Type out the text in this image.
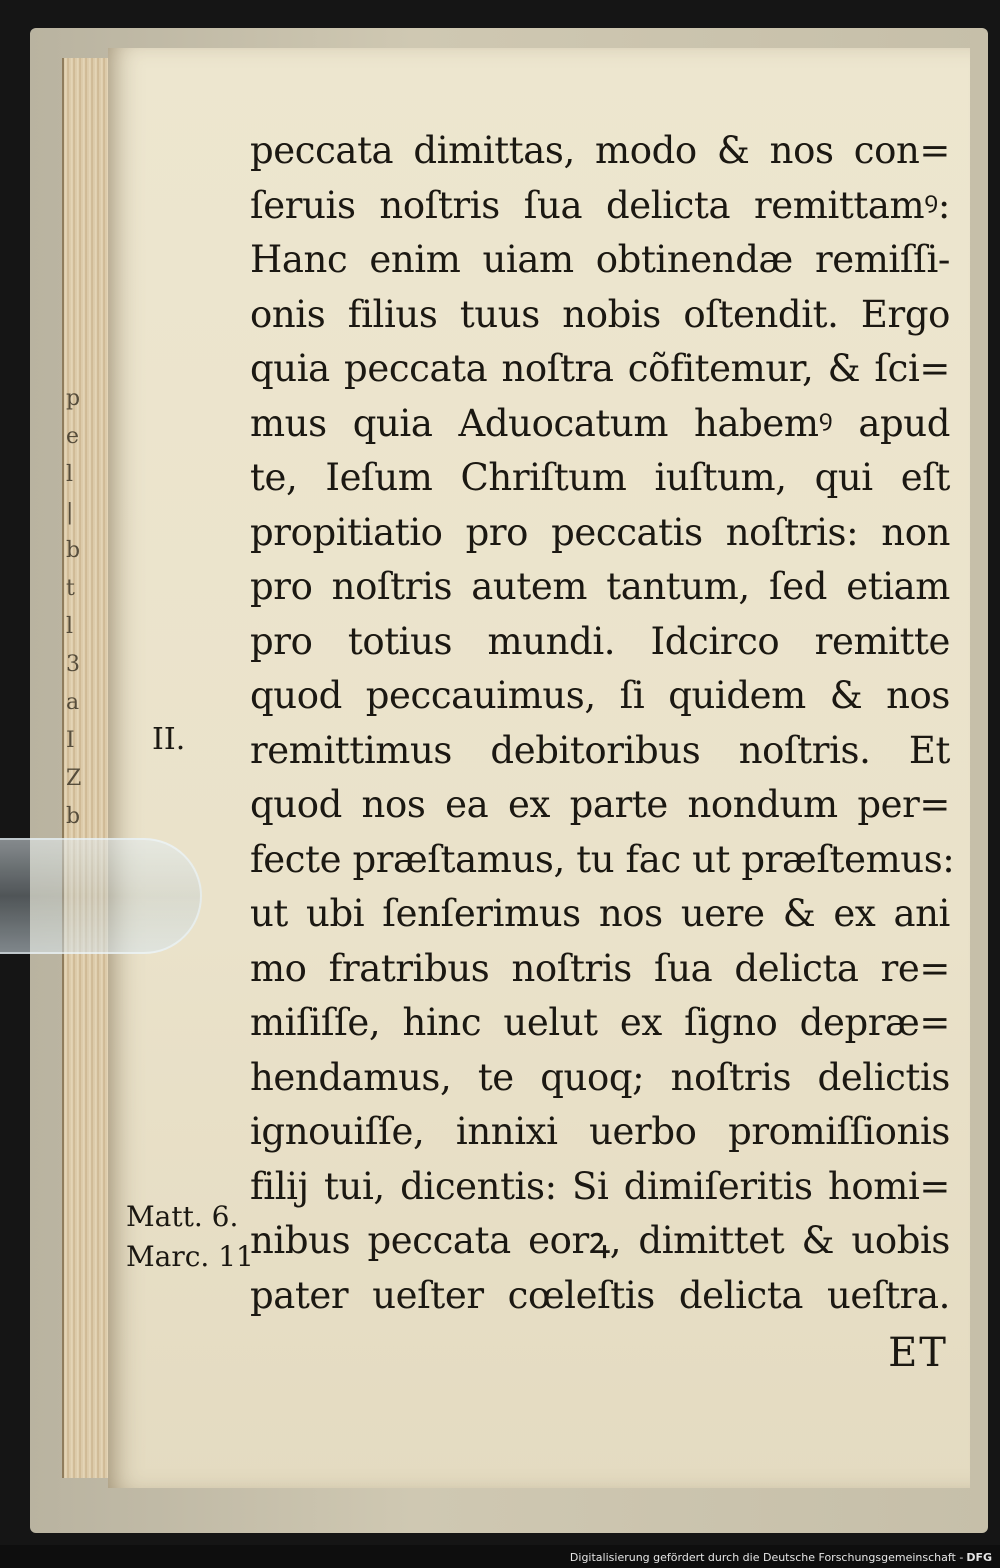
p
e
l
|
b
t
l
3
a
I
Z
b
peccata dimittas, modo & nos con=
ſeruis noſtris ſua delicta remittamꝰ:
Hanc enim uiam obtinendæ remiſſi-
onis filius tuus nobis oſtendit. Ergo
quia peccata noſtra cõfitemur, & ſci=
mus quia Aduocatum habemꝰ apud
te, Ieſum Chriſtum iuſtum, qui eſt
propitiatio pro peccatis noſtris: non
pro noſtris autem tantum, ſed etiam
pro totius mundi. Idcirco remitte
quod peccauimus, ſi quidem & nos
remittimus debitoribus noſtris. Et
quod nos ea ex parte nondum per=
fecte præſtamus, tu fac ut præſtemus:
ut ubi ſenſerimus nos uere & ex ani
mo fratribus noſtris ſua delicta re=
miſiſſe, hinc uelut ex ſigno depræ=
hendamus, te quoq; noſtris delictis
ignouiſſe, innixi uerbo promiſſionis
filij tui, dicentis: Si dimiſeritis homi=
nibus peccata eorꝝ, dimittet & uobis
pater ueſter cœleſtis delicta ueſtra.
II.
Matt. 6.
Marc. 11
ET
Digitalisierung gefördert durch die Deutsche Forschungsgemeinschaft - DFG
